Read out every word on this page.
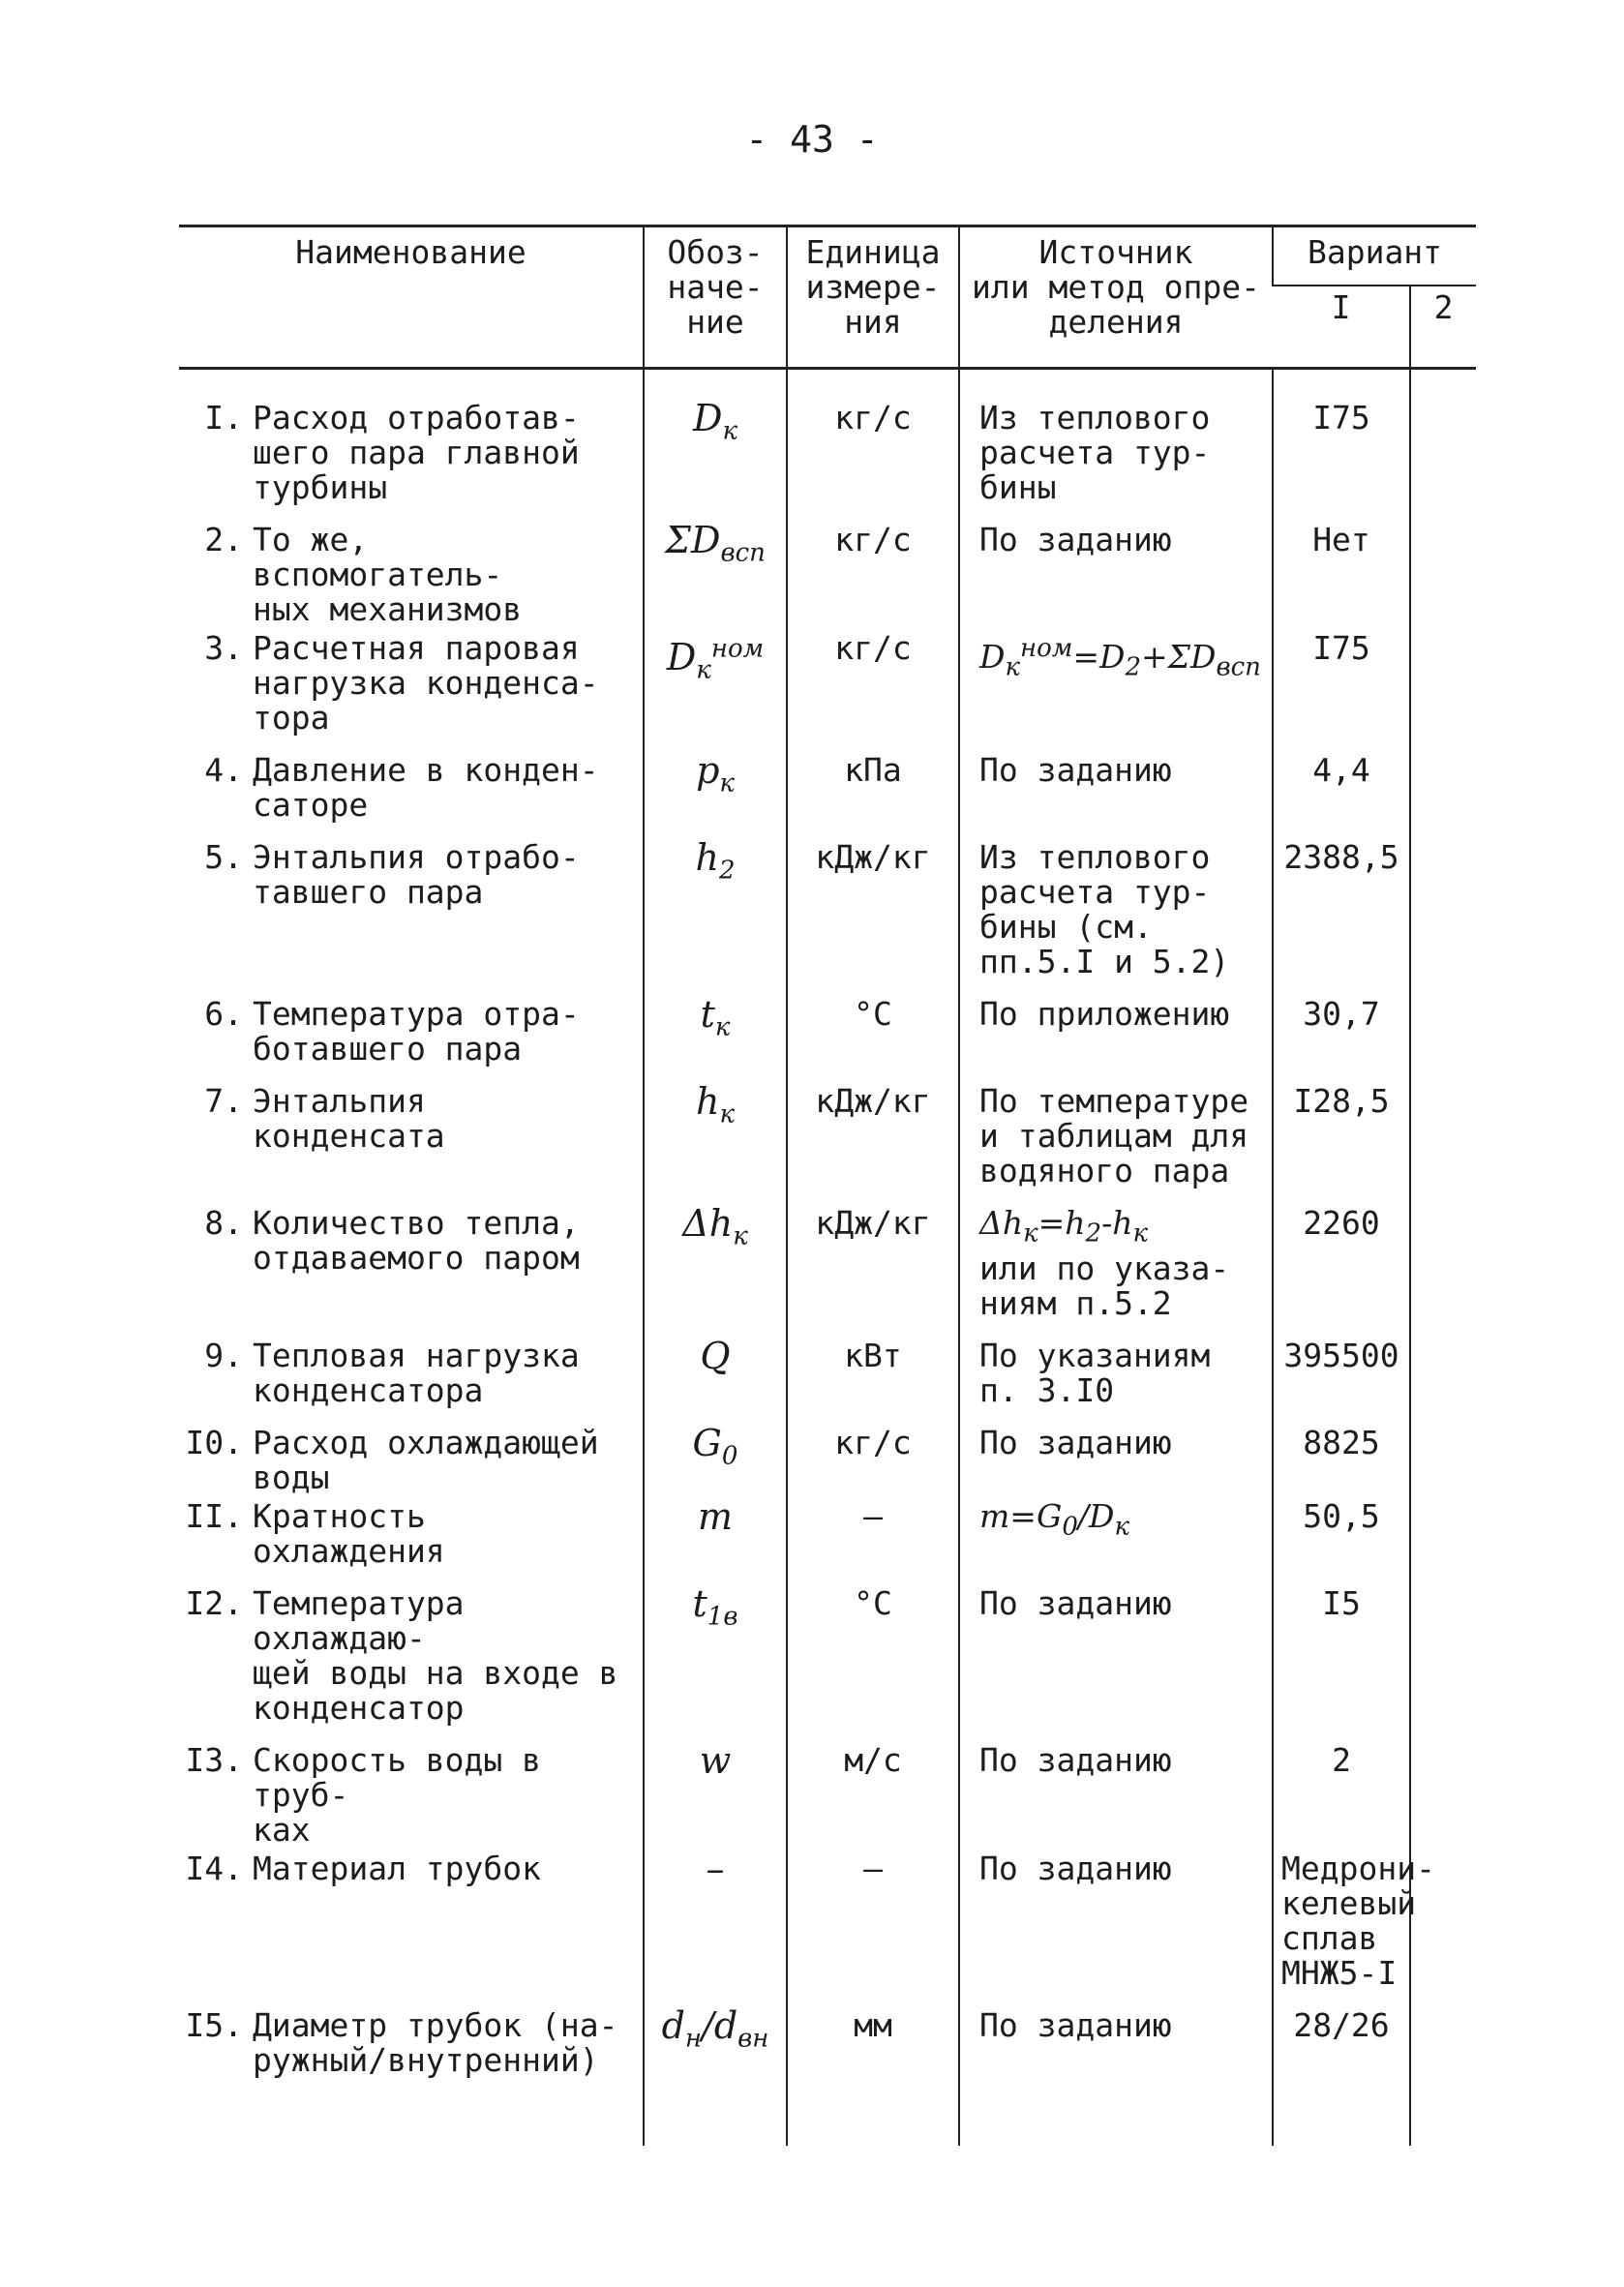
- 43 -
Наименование	Обоз-
наче-
ние	Единица
измере-
ния	Источник
или метод опре-
деления	Вариант	
				I	2
I. Расход отработав-
шего пара главной
турбины	$D_к$	кг/с	Из теплового
расчета тур-
бины	I75	
2. То же, вспомогатель-
ных механизмов	$\Sigma D_{всп}$	кг/с	По заданию	Нет	
3. Расчетная паровая
нагрузка конденса-
тора	$D_к^{ном}$	кг/с	$D_к^{ном}=D_2+\Sigma D_{всп}$	I75	
4. Давление в конден-
саторе	$p_к$	кПа	По заданию	4,4	
5. Энтальпия отрабо-
тавшего пара	$h_2$	кДж/кг	Из теплового
расчета тур-
бины (см.
пп.5.I и 5.2)	2388,5	
6. Температура отра-
ботавшего пара	$t_к$	°С	По приложению	30,7	
7. Энтальпия конденсата	$h_к$	кДж/кг	По температуре
и таблицам для
водяного пара	I28,5	
8. Количество тепла,
отдаваемого паром	$\Delta h_к$	кДж/кг	$\Delta h_к=h_2-h_к$
или по указа-
ниям п.5.2	2260	
9. Тепловая нагрузка
конденсатора	Q	кВт	По указаниям
п. 3.I0	395500	
I0. Расход охлаждающей
воды	$G_0$	кг/с	По заданию	8825	
II. Кратность охлаждения	m	–	$m=G_0/D_к$	50,5	
I2. Температура охлаждаю-
щей воды на входе в
конденсатор	$t_{1в}$	°С	По заданию	I5	
I3. Скорость воды в труб-
ках	w	м/с	По заданию	2	
I4. Материал трубок	–	–	По заданию	Медрони-
келевый
сплав
МНЖ5-I	
I5. Диаметр трубок (на-
ружный/внутренний)	$d_н/d_{вн}$	мм	По заданию	28/26	
